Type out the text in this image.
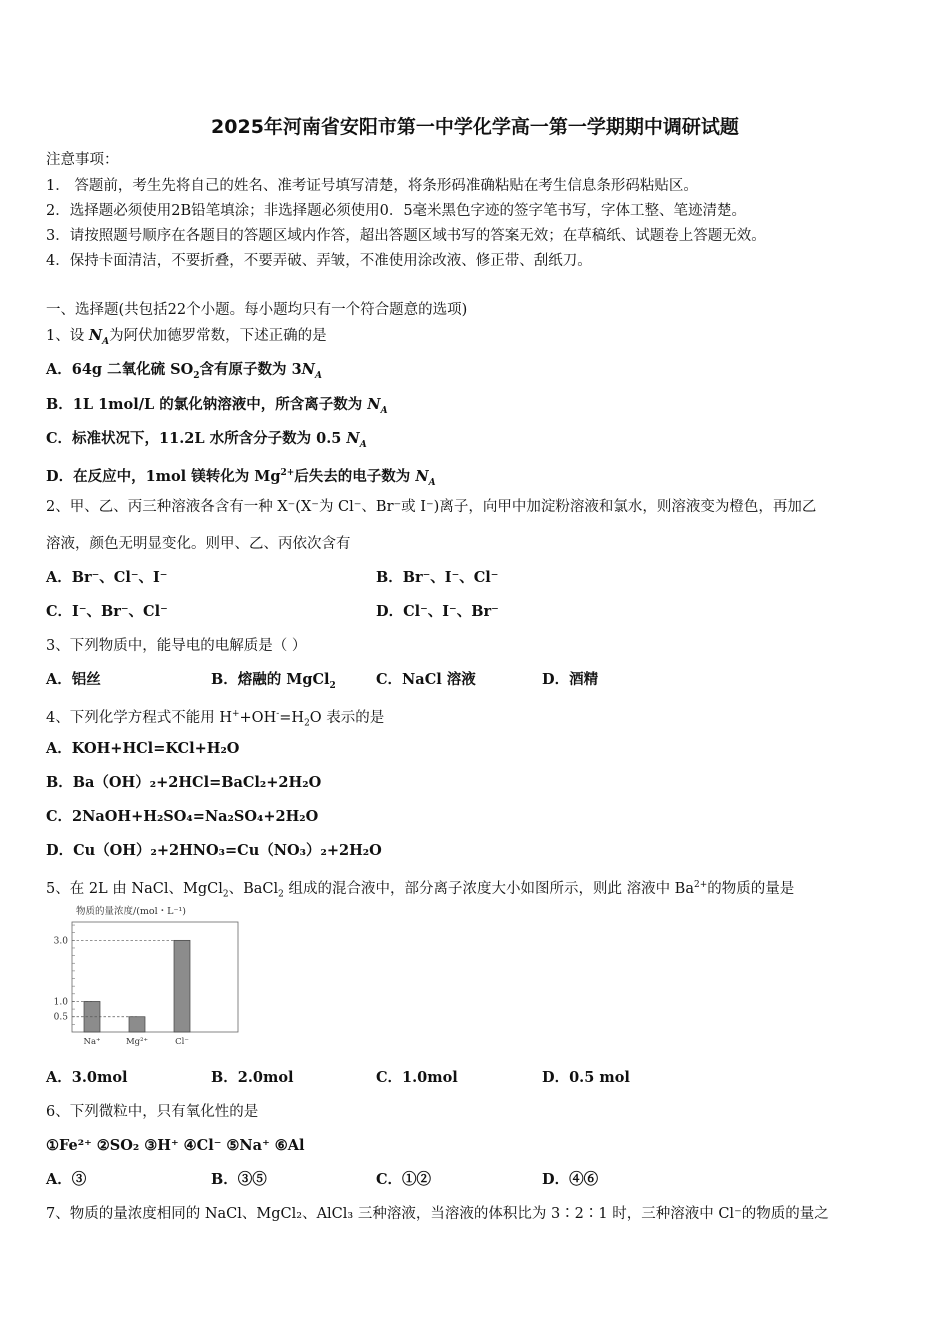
2025年河南省安阳市第一中学化学高一第一学期期中调研试题
注意事项：
1． 答题前，考生先将自己的姓名、准考证号填写清楚，将条形码准确粘贴在考生信息条形码粘贴区。
2．选择题必须使用2B铅笔填涂；非选择题必须使用0．5毫米黑色字迹的签字笔书写，字体工整、笔迹清楚。
3．请按照题号顺序在各题目的答题区域内作答，超出答题区域书写的答案无效；在草稿纸、试题卷上答题无效。
4．保持卡面清洁，不要折叠，不要弄破、弄皱，不准使用涂改液、修正带、刮纸刀。
一、选择题(共包括22个小题。每小题均只有一个符合题意的选项)
1、设 $N_A$为阿伏加德罗常数，下述正确的是
A．64g 二氧化硫 $SO_2$含有原子数为 $3N_A$
B．1L 1mol/L 的氯化钠溶液中，所含离子数为 $N_A$
C．标准状况下，11.2L 水所含分子数为 0.5 $N_A$
D．在反应中，1mol 镁转化为 $Mg^{2+}$后失去的电子数为 $N_A$
2、甲、乙、丙三种溶液各含有一种 X⁻(X⁻为 Cl⁻、Br⁻或 I⁻)离子，向甲中加淀粉溶液和氯水，则溶液变为橙色，再加乙
溶液，颜色无明显变化。则甲、乙、丙依次含有
A．Br⁻、Cl⁻、I⁻	B．Br⁻、I⁻、Cl⁻
C．I⁻、Br⁻、Cl⁻	D．Cl⁻、I⁻、Br⁻
3、下列物质中，能导电的电解质是（ ）
A．铝丝	B．熔融的 MgCl$_2$	C．NaCl 溶液	D．酒精
4、下列化学方程式不能用 $H^++OH^-=H_2O$ 表示的是
A．KOH+HCl=KCl+H₂O
B．Ba（OH）₂+2HCl=BaCl₂+2H₂O
C．2NaOH+H₂SO₄=Na₂SO₄+2H₂O
D．Cu（OH）₂+2HNO₃=Cu（NO₃）₂+2H₂O
5、在 2L 由 NaCl、MgCl$_2$、BaCl$_2$ 组成的混合液中，部分离子浓度大小如图所示，则此 溶液中 $Ba^{2+}$的物质的量是
物质的量浓度/(mol・L⁻¹)
Na⁺	Mg²⁺	Cl⁻
3.0
1.0
0.5
A．3.0mol	B．2.0mol	C．1.0mol	D．0.5 mol
6、下列微粒中，只有氧化性的是
①Fe²⁺ ②SO₂ ③H⁺ ④Cl⁻ ⑤Na⁺ ⑥Al
A．③	B．③⑤	C．①②	D．④⑥
7、物质的量浓度相同的 NaCl、MgCl₂、AlCl₃ 三种溶液，当溶液的体积比为 3∶2∶1 时，三种溶液中 Cl⁻的物质的量之
